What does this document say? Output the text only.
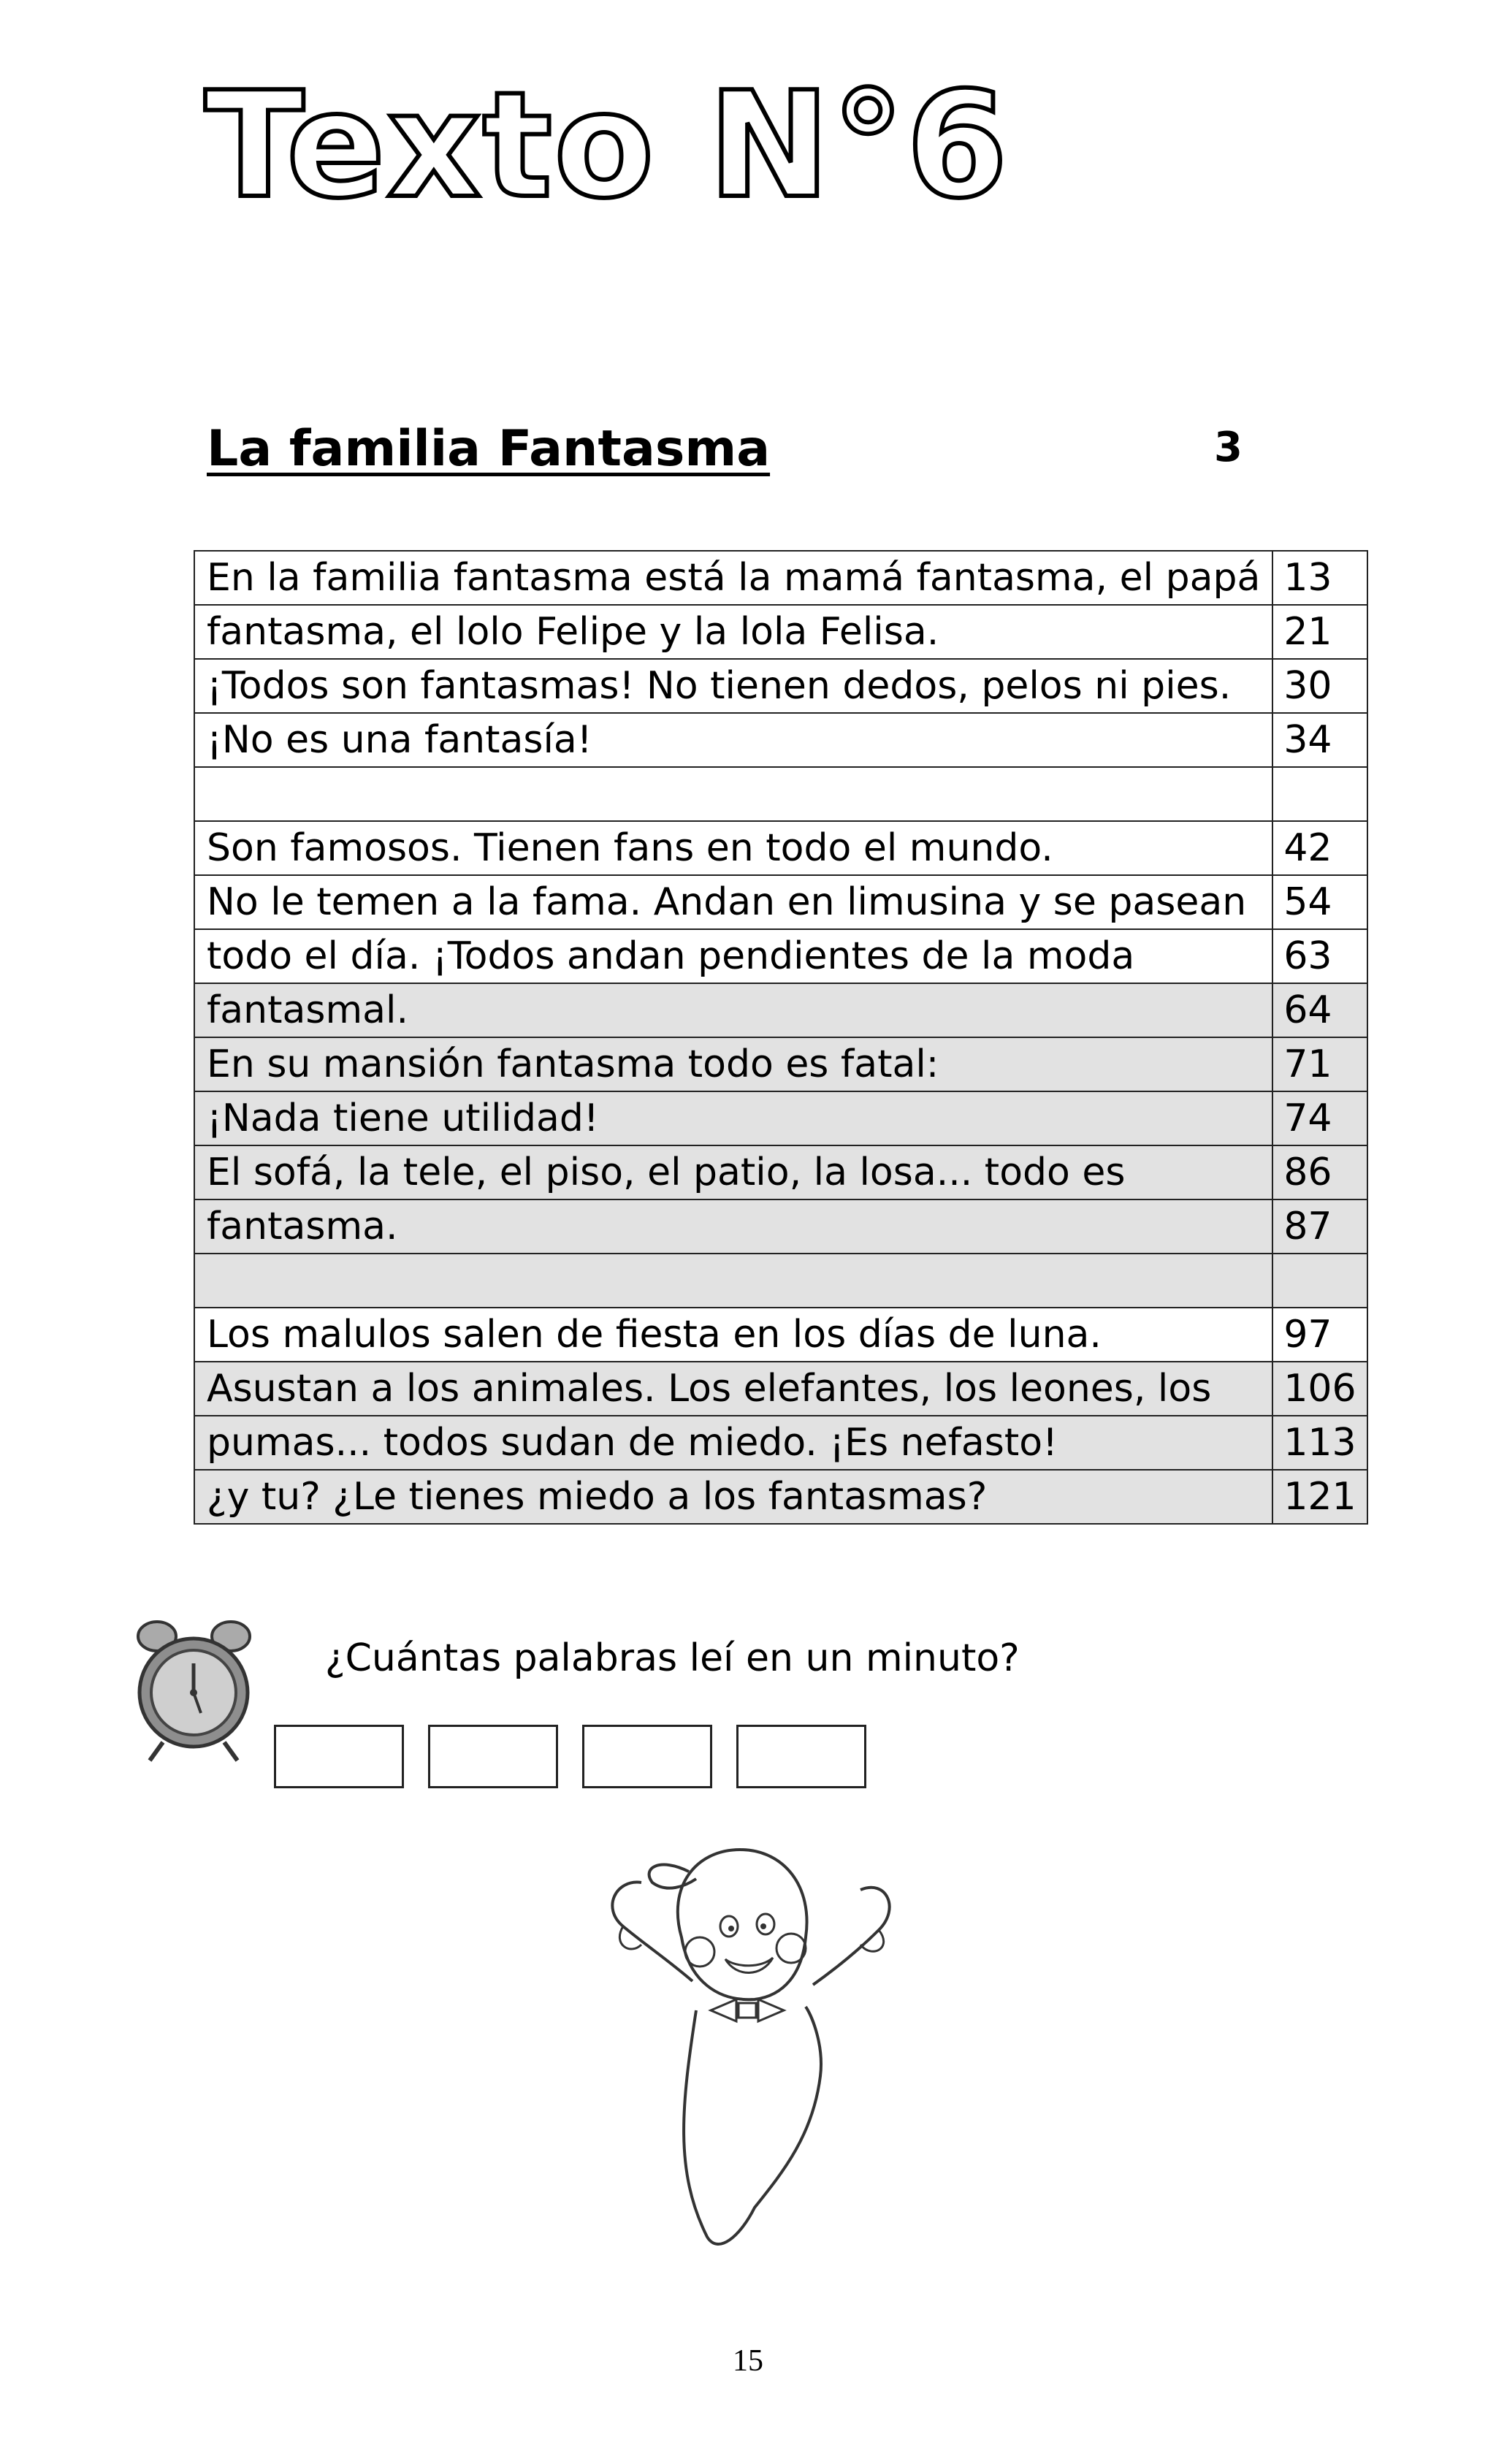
Texto N°6
La familia Fantasma	3
En la familia fantasma está la mamá fantasma, el papá	13
fantasma, el lolo Felipe y la lola Felisa.	21
¡Todos son fantasmas! No tienen dedos, pelos ni pies.	30
¡No es una fantasía!	34

Son famosos. Tienen fans en todo el mundo.	42
No le temen a la fama. Andan en limusina y se pasean	54
todo el día. ¡Todos andan pendientes de la moda	63
fantasmal.	64
En su mansión fantasma todo es fatal:	71
¡Nada tiene utilidad!	74
El sofá, la tele, el piso, el patio, la losa... todo es	86
fantasma.	87

Los malulos salen de fiesta en los días de luna.	97
Asustan a los animales. Los elefantes, los leones, los	106
pumas... todos sudan de miedo. ¡Es nefasto!	113
¿y tu? ¿Le tienes miedo a los fantasmas?	121
¿Cuántas palabras leí en un minuto?
15
